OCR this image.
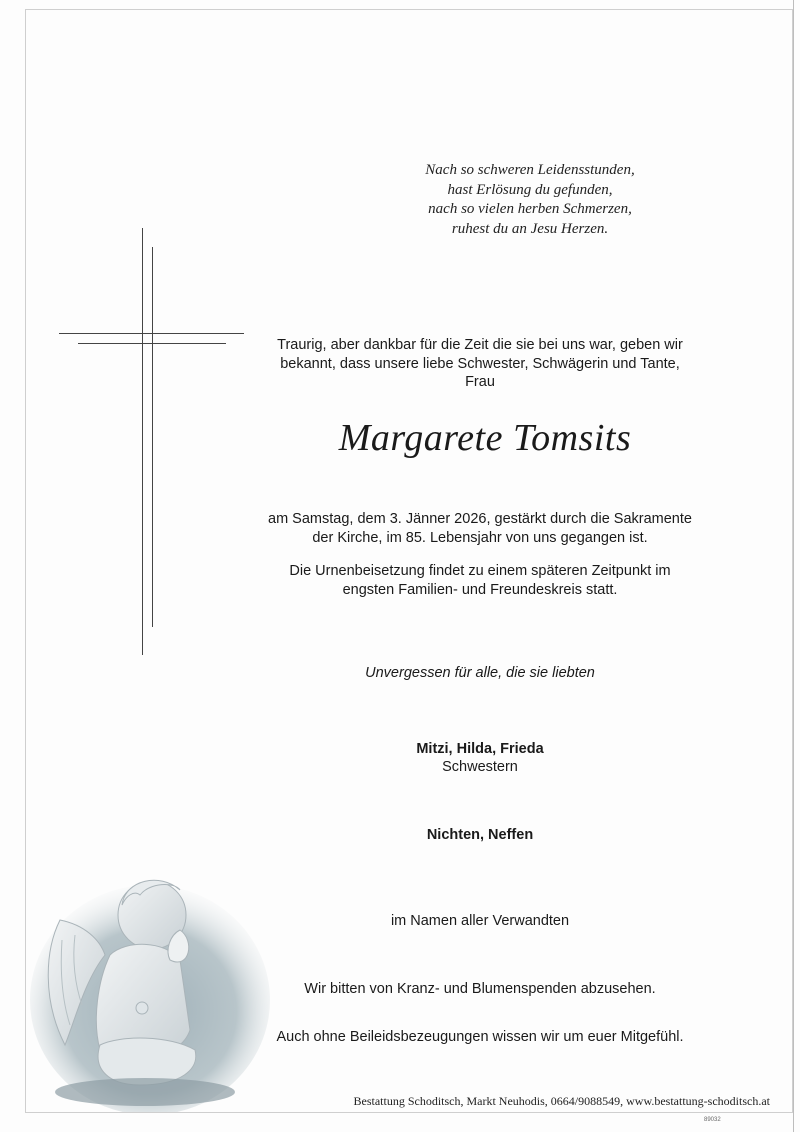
Nach so schweren Leidensstunden,
hast Erlösung du gefunden,
nach so vielen herben Schmerzen,
ruhest du an Jesu Herzen.
Traurig, aber dankbar für die Zeit die sie bei uns war, geben wir
bekannt, dass unsere liebe Schwester, Schwägerin und Tante,
Frau
Margarete Tomsits
am Samstag, dem 3. Jänner 2026, gestärkt durch die Sakramente
der Kirche, im 85. Lebensjahr von uns gegangen ist.
Die Urnenbeisetzung findet zu einem späteren Zeitpunkt im
engsten Familien- und Freundeskreis statt.
Unvergessen für alle, die sie liebten
Mitzi, Hilda, Frieda
Schwestern
Nichten, Neffen
im Namen aller Verwandten
Wir bitten von Kranz- und Blumenspenden abzusehen.
Auch ohne Beileidsbezeugungen wissen wir um euer Mitgefühl.
Bestattung Schoditsch, Markt Neuhodis, 0664/9088549, www.bestattung-schoditsch.at
89032
